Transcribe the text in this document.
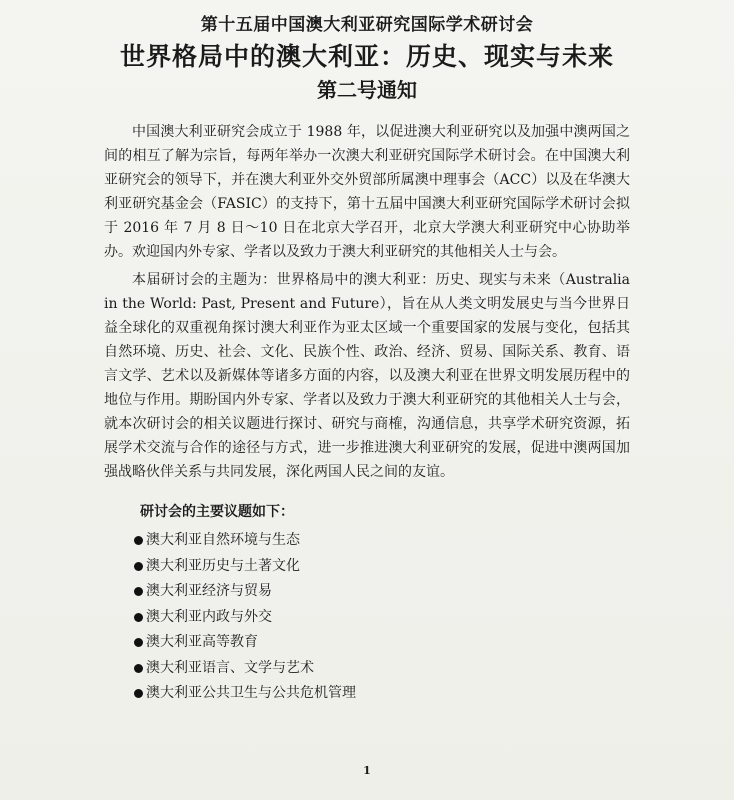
第十五届中国澳大利亚研究国际学术研讨会
世界格局中的澳大利亚：历史、现实与未来
第二号通知

中国澳大利亚研究会成立于 1988 年，以促进澳大利亚研究以及加强中澳两国之间的相互了解为宗旨，每两年举办一次澳大利亚研究国际学术研讨会。在中国澳大利亚研究会的领导下，并在澳大利亚外交外贸部所属澳中理事会（ACC）以及在华澳大利亚研究基金会（FASIC）的支持下，第十五届中国澳大利亚研究国际学术研讨会拟于 2016 年 7 月 8 日～10 日在北京大学召开，北京大学澳大利亚研究中心协助举办。欢迎国内外专家、学者以及致力于澳大利亚研究的其他相关人士与会。

本届研讨会的主题为：世界格局中的澳大利亚：历史、现实与未来（Australia in the World: Past, Present and Future），旨在从人类文明发展史与当今世界日益全球化的双重视角探讨澳大利亚作为亚太区域一个重要国家的发展与变化，包括其自然环境、历史、社会、文化、民族个性、政治、经济、贸易、国际关系、教育、语言文学、艺术以及新媒体等诸多方面的内容，以及澳大利亚在世界文明发展历程中的地位与作用。期盼国内外专家、学者以及致力于澳大利亚研究的其他相关人士与会，就本次研讨会的相关议题进行探讨、研究与商榷，沟通信息，共享学术研究资源，拓展学术交流与合作的途径与方式，进一步推进澳大利亚研究的发展，促进中澳两国加强战略伙伴关系与共同发展，深化两国人民之间的友谊。

研讨会的主要议题如下：
澳大利亚自然环境与生态
澳大利亚历史与土著文化
澳大利亚经济与贸易
澳大利亚内政与外交
澳大利亚高等教育
澳大利亚语言、文学与艺术
澳大利亚公共卫生与公共危机管理
1
